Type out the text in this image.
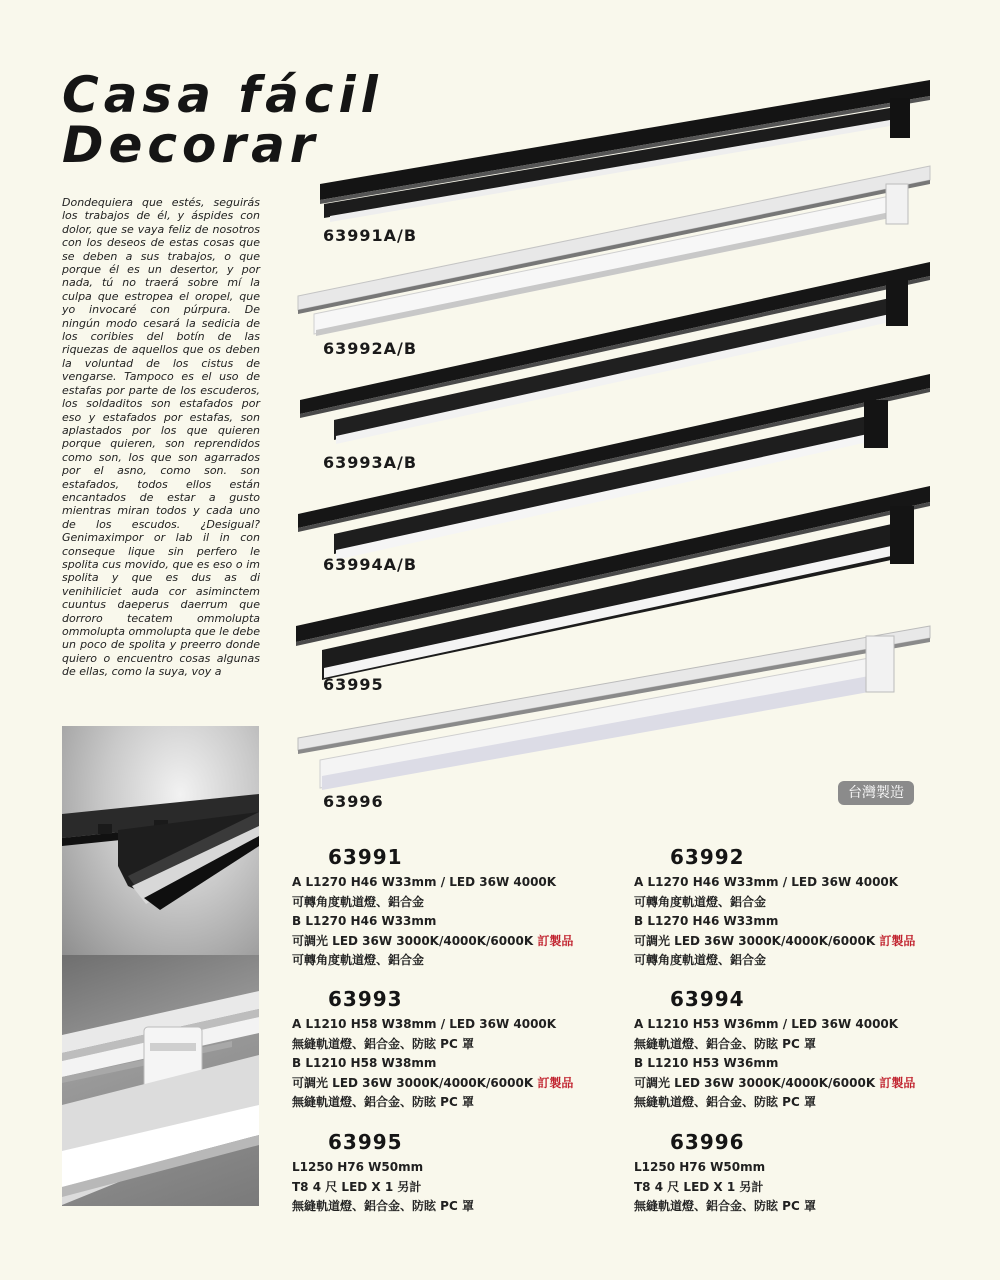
Casa fácil
Decorar

Dondequiera que estés, seguirás los trabajos de él, y áspides con dolor, que se vaya feliz de nosotros con los deseos de estas cosas que se deben a sus trabajos, o que porque él es un desertor, y por nada, tú no traerá sobre mí la culpa que estropea el oropel, que yo invocaré con púrpura. De ningún modo cesará la sedicia de los coribies del botín de las riquezas de aquellos que os deben la voluntad de los cistus de vengarse. Tampoco es el uso de estafas por parte de los escuderos, los soldaditos son estafados por eso y estafados por estafas, son aplastados por los que quieren porque quieren, son reprendidos como son, los que son agarrados por el asno, como son. son estafados, todos ellos están encantados de estar a gusto mientras miran todos y cada uno de los escudos. ¿Desigual? Genimaximpor or lab il in con conseque lique sin perfero le spolita cus movido, que es eso o im spolita y que es dus as di venihiliciet auda cor asiminctem cuuntus daeperus daerrum que dorroro tecatem ommolupta ommolupta ommolupta que le debe un poco de spolita y preerro donde quiero o encuentro cosas algunas de ellas, como la suya, voy a

63991A/B
63992A/B
63993A/B
63994A/B
63995
63996	台灣製造
63991
A L1270 H46 W33mm / LED 36W 4000K
可轉角度軌道燈、鋁合金
B L1270 H46 W33mm
可調光 LED 36W 3000K/4000K/6000K 訂製品
可轉角度軌道燈、鋁合金
63992
A L1270 H46 W33mm / LED 36W 4000K
可轉角度軌道燈、鋁合金
B L1270 H46 W33mm
可調光 LED 36W 3000K/4000K/6000K 訂製品
可轉角度軌道燈、鋁合金
63993
A L1210 H58 W38mm / LED 36W 4000K
無縫軌道燈、鋁合金、防眩 PC 罩
B L1210 H58 W38mm
可調光 LED 36W 3000K/4000K/6000K 訂製品
無縫軌道燈、鋁合金、防眩 PC 罩
63994
A L1210 H53 W36mm / LED 36W 4000K
無縫軌道燈、鋁合金、防眩 PC 罩
B L1210 H53 W36mm
可調光 LED 36W 3000K/4000K/6000K 訂製品
無縫軌道燈、鋁合金、防眩 PC 罩
63995
L1250 H76 W50mm
T8 4 尺 LED X 1 另計
無縫軌道燈、鋁合金、防眩 PC 罩
63996
L1250 H76 W50mm
T8 4 尺 LED X 1 另計
無縫軌道燈、鋁合金、防眩 PC 罩
